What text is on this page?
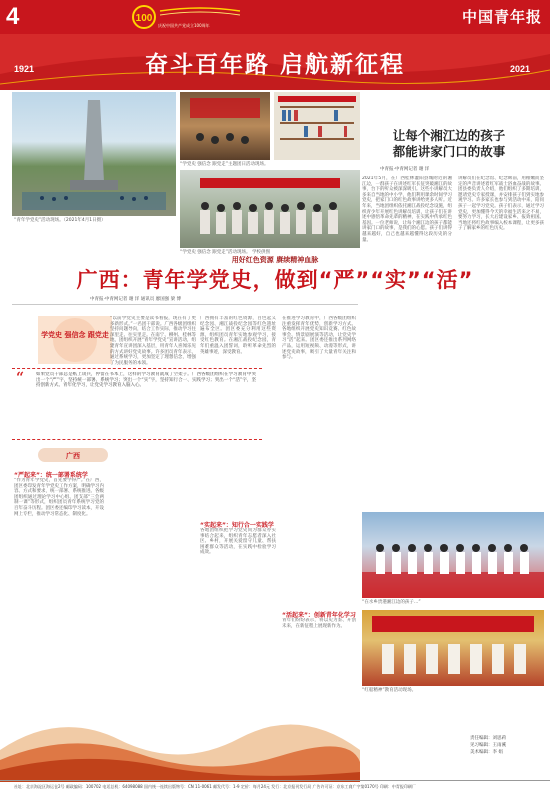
4	100
庆祝中国共产党成立100周年	中国青年报
1921	2021
奋斗百年路 启航新征程
“青年学党史”活动现场。（2021年4月1日摄）
“学党史 强信念 跟党走”主题团日活动现场。
“学党史 强信念 跟党走”活动现场。 学校供图
让每个湘江边的孩子
都能讲家门口的故事
中青报·中青网记者 谢 洋
2021年5月，在广西桂林灌阳县城附近的湘江边，一群孩子在讲述红军长征突破湘江的故事，台下的听众被深深吸引。这些小讲解员大多来自当地的中小学，他们利用课余时间学习党史，把家门口的红色故事讲给更多人听。近年来，当地团组织依托湘江战役纪念设施，组织青少年开展红色讲解员培训，让孩子们在讲述中感悟革命先辈的精神，在实践中传承红色基因。一位老师说，让每个湘江边的孩子都能讲家门口的故事，是我们的心愿。孩子们讲得越来越好，自己也越来越懂得这段历史的分量。
讲解员们在纪念馆、纪念碑前，用稚嫩而坚定的声音讲述着红军战士浴血奋战的故事。团县委负责人介绍，他们组织了多期培训，邀请党史专家授课，并安排孩子们到实地参观学习。许多家长也参与到活动中来，陪同孩子一起学习党史。孩子们表示，通过学习党史，更加懂得今天的幸福生活来之不易，要努力学习，长大后建设家乡、报效祖国。当地还将红色故事编入校本课程，让更多孩子了解家乡的红色历史。
“在水乡贵港湘江边的孩子…”
“红船精神”教育活动现场。
用好红色资源 赓续精神血脉
广西：青年学党史，做到“严”“实”“活”
中青报·中青网记者 谢 洋 通讯员 廖国强 梁 博
学党史 强信念 跟党走
“	如果党员干部总是纸上谈兵，停留在书本上，这样的学习教育就成了空架子。广西各级团组织在学习教育中突出一个“严”字，坚持统一部署、系统学习；突出一个“实”字，坚持知行合一、实践学习；突出一个“活”字，坚持创新方式、青年化学习，让党史学习教育入脑入心。
广西
“严起来”：统一部署系统学
“作为青年学党史，首先要学得严。”在广西，团区委印发青年学党史工作方案，明确学习内容、方式和要求，统一部署、系统推进。各级团组织通过理论学习中心组、团支部“三会两制一课”等形式，组织团员青年系统学习党的百年奋斗历程。团区委还编印学习读本，开设网上专栏，推动学习常态化、制度化。
“以前学党史主要是读书看报，现在有了更多新形式。”一名团干部说。广西各级团组织坚持问题导向，结合工作实际，推动学习往深里走、往实里走。在南宁、柳州、桂林等地，团组织开展“青年学党史”宣讲活动，组建青年宣讲团深入基层，用青年人喜闻乐见的方式讲好党史故事。许多团员青年表示，通过系统学习，更加坚定了理想信念，增强了为民服务的本领。
“实起来”：知行合一实践学
广西拥有丰富的红色资源，百色起义纪念园、湘江战役纪念园等红色遗址遍布全区。团区委充分利用这些资源，组织团员青年实地参观学习，接受红色教育。在湘江战役纪念园，青年们重温入团誓词，聆听革命先烈的英雄事迹，深受教育。
各地团组织把学习党史同为群众办实事结合起来，组织青年志愿者深入社区、乡村，开展关爱留守儿童、帮扶困难群众等活动，在实践中检验学习成效。
“活起来”：创新青年化学习
在推进学习教育中，广西各级团组织注重发挥青年优势，创新学习方式。各地组织开展党史知识竞赛、红色故事会、情景剧展演等活动，让党史学习“活”起来。团区委还推出系列网络产品，运用短视频、动漫等形式，讲述党史故事，吸引了大量青年关注和参与。
青年们纷纷表示，将以史为鉴、开创未来，在新征程上展现新作为。
责任编辑：刘思莉
见习编辑：王雨溪
美术编辑：李 娟
社址：北京海淀区海运仓2号 邮政编码：100702 电话总机：64098088 国内统一连续出版物号：CN 11-0061 邮发代号：1-9 定价：每月24元 发行：北京报刊发行局 广告许可证：京东工商广字第0170号 印刷：中青报印刷厂
